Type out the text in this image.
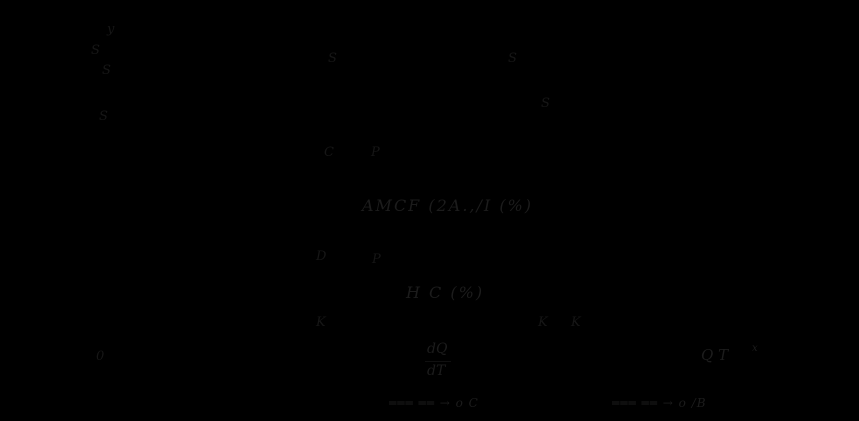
y
S
S
S
S	S
S
C	P
D	P
K	K K
0
AMCF (2A.,/I (%)
H C (%)
dQ
dT
Q T x
═══ ══ → o C	═══ ══ → o /B
